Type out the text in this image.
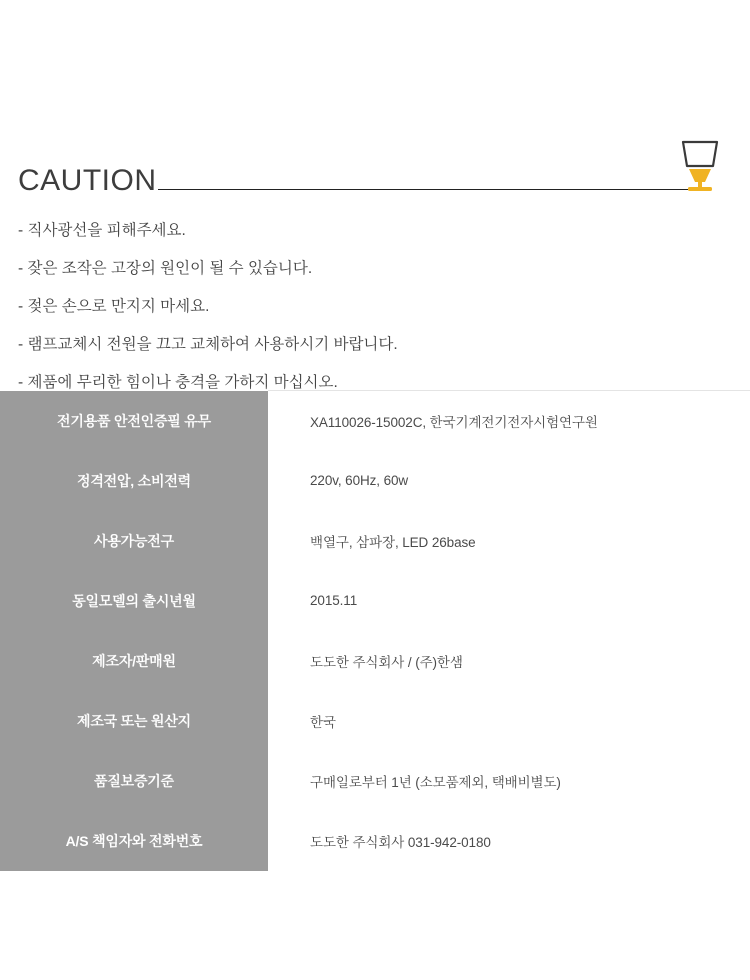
CAUTION
- 직사광선을 피해주세요.
- 잦은 조작은 고장의 원인이 될 수 있습니다.
- 젖은 손으로 만지지 마세요.
- 램프교체시 전원을 끄고 교체하여 사용하시기 바랍니다.
- 제품에 무리한 힘이나 충격을 가하지 마십시오.
전기용품 안전인증필 유무	XA110026-15002C, 한국기계전기전자시험연구원
정격전압, 소비전력	220v, 60Hz, 60w
사용가능전구	백열구, 삼파장, LED 26base
동일모델의 출시년월	2015.11
제조자/판매원	도도한 주식회사 / (주)한샘
제조국 또는 원산지	한국
품질보증기준	구매일로부터 1년 (소모품제외, 택배비별도)
A/S 책임자와 전화번호	도도한 주식회사 031-942-0180
